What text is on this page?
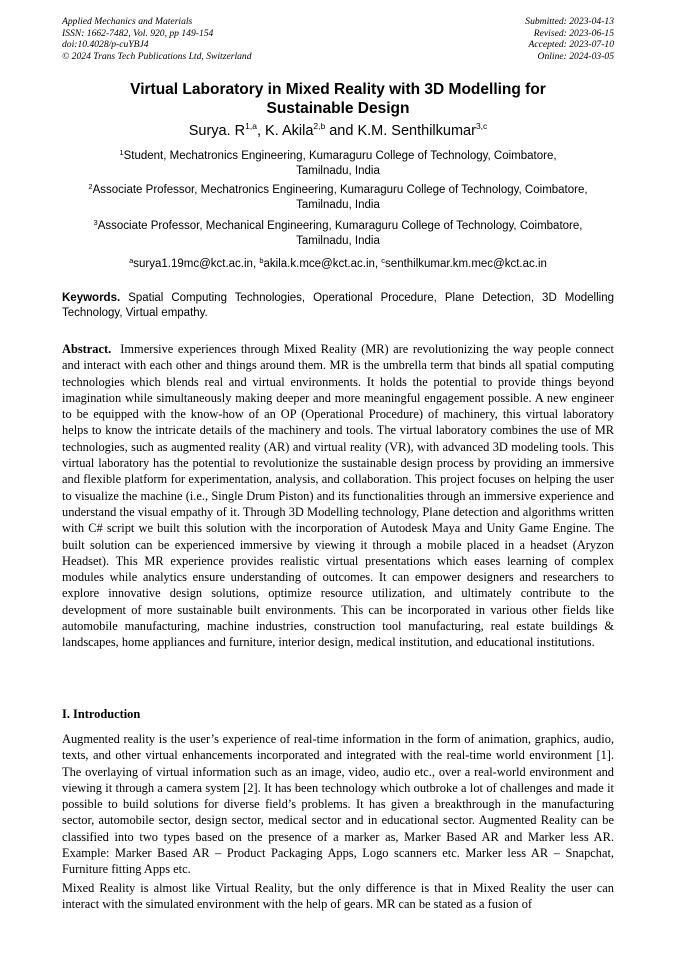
Applied Mechanics and Materials
ISSN: 1662-7482, Vol. 920, pp 149-154
doi:10.4028/p-cuYBJ4
© 2024 Trans Tech Publications Ltd, Switzerland
Submitted: 2023-04-13
Revised: 2023-06-15
Accepted: 2023-07-10
Online: 2024-03-05
Virtual Laboratory in Mixed Reality with 3D Modelling for
Sustainable Design
Surya. R$^{1,a}$, K. Akila$^{2,b}$ and K.M. Senthilkumar$^{3,c}$
$^1$Student, Mechatronics Engineering, Kumaraguru College of Technology, Coimbatore,
Tamilnadu, India
$^2$Associate Professor, Mechatronics Engineering, Kumaraguru College of Technology, Coimbatore,
Tamilnadu, India
$^3$Associate Professor, Mechanical Engineering, Kumaraguru College of Technology, Coimbatore,
Tamilnadu, India
$^a$surya1.19mc@kct.ac.in, $^b$akila.k.mce@kct.ac.in, $^c$senthilkumar.km.mec@kct.ac.in
Keywords. Spatial Computing Technologies, Operational Procedure, Plane Detection, 3D Modelling Technology, Virtual empathy.
Abstract. Immersive experiences through Mixed Reality (MR) are revolutionizing the way people connect and interact with each other and things around them. MR is the umbrella term that binds all spatial computing technologies which blends real and virtual environments. It holds the potential to provide things beyond imagination while simultaneously making deeper and more meaningful engagement possible. A new engineer to be equipped with the know-how of an OP (Operational Procedure) of machinery, this virtual laboratory helps to know the intricate details of the machinery and tools. The virtual laboratory combines the use of MR technologies, such as augmented reality (AR) and virtual reality (VR), with advanced 3D modeling tools. This virtual laboratory has the potential to revolutionize the sustainable design process by providing an immersive and flexible platform for experimentation, analysis, and collaboration. This project focuses on helping the user to visualize the machine (i.e., Single Drum Piston) and its functionalities through an immersive experience and understand the visual empathy of it. Through 3D Modelling technology, Plane detection and algorithms written with C# script we built this solution with the incorporation of Autodesk Maya and Unity Game Engine. The built solution can be experienced immersive by viewing it through a mobile placed in a headset (Aryzon Headset). This MR experience provides realistic virtual presentations which eases learning of complex modules while analytics ensure understanding of outcomes. It can empower designers and researchers to explore innovative design solutions, optimize resource utilization, and ultimately contribute to the development of more sustainable built environments. This can be incorporated in various other fields like automobile manufacturing, machine industries, construction tool manufacturing, real estate buildings & landscapes, home appliances and furniture, interior design, medical institution, and educational institutions.
I. Introduction
Augmented reality is the user’s experience of real-time information in the form of animation, graphics, audio, texts, and other virtual enhancements incorporated and integrated with the real-time world environment [1]. The overlaying of virtual information such as an image, video, audio etc., over a real-world environment and viewing it through a camera system [2]. It has been technology which outbroke a lot of challenges and made it possible to build solutions for diverse field’s problems. It has given a breakthrough in the manufacturing sector, automobile sector, design sector, medical sector and in educational sector. Augmented Reality can be classified into two types based on the presence of a marker as, Marker Based AR and Marker less AR. Example: Marker Based AR – Product Packaging Apps, Logo scanners etc. Marker less AR – Snapchat, Furniture fitting Apps etc.
Mixed Reality is almost like Virtual Reality, but the only difference is that in Mixed Reality the user can interact with the simulated environment with the help of gears. MR can be stated as a fusion of
